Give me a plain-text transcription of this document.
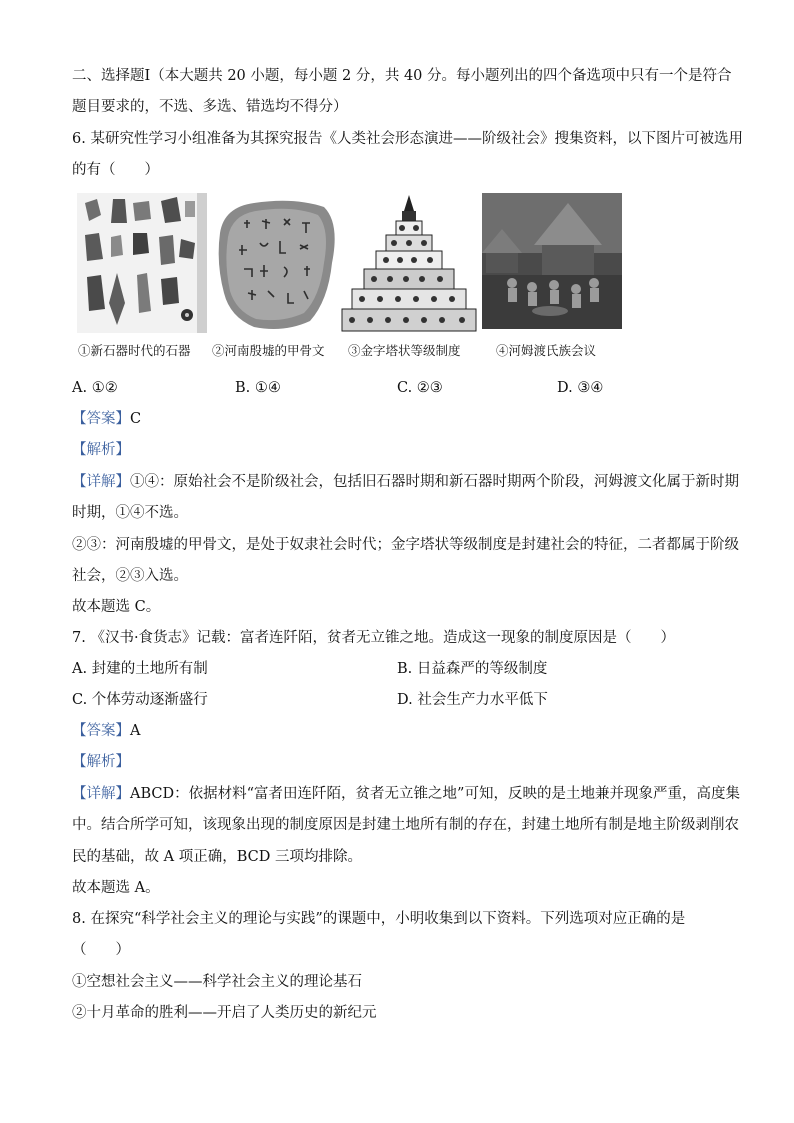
二、选择题Ⅰ（本大题共 20 小题，每小题 2 分，共 40 分。每小题列出的四个备选项中只有一个是符合
题目要求的，不选、多选、错选均不得分）
6. 某研究性学习小组准备为其探究报告《人类社会形态演进——阶级社会》搜集资料，以下图片可被选用
的有（　　）
①新石器时代的石器 ②河南殷墟的甲骨文 ③金字塔状等级制度	④河姆渡氏族会议
A. ①②	B. ①④	C. ②③	D. ③④
【答案】C
【解析】
【详解】①④：原始社会不是阶级社会，包括旧石器时期和新石器时期两个阶段，河姆渡文化属于新时期
时期，①④不选。
②③：河南殷墟的甲骨文，是处于奴隶社会时代；金字塔状等级制度是封建社会的特征，二者都属于阶级
社会，②③入选。
故本题选 C。
7. 《汉书·食货志》记载：富者连阡陌，贫者无立锥之地。造成这一现象的制度原因是（　　）
A. 封建的土地所有制	B. 日益森严的等级制度
C. 个体劳动逐渐盛行	D. 社会生产力水平低下
【答案】A
【解析】
【详解】ABCD：依据材料“富者田连阡陌，贫者无立锥之地”可知，反映的是土地兼并现象严重，高度集
中。结合所学可知，该现象出现的制度原因是封建土地所有制的存在，封建土地所有制是地主阶级剥削农
民的基础，故 A 项正确，BCD 三项均排除。
故本题选 A。
8. 在探究“科学社会主义的理论与实践”的课题中，小明收集到以下资料。下列选项对应正确的是
（　　）
①空想社会主义——科学社会主义的理论基石
②十月革命的胜利——开启了人类历史的新纪元
